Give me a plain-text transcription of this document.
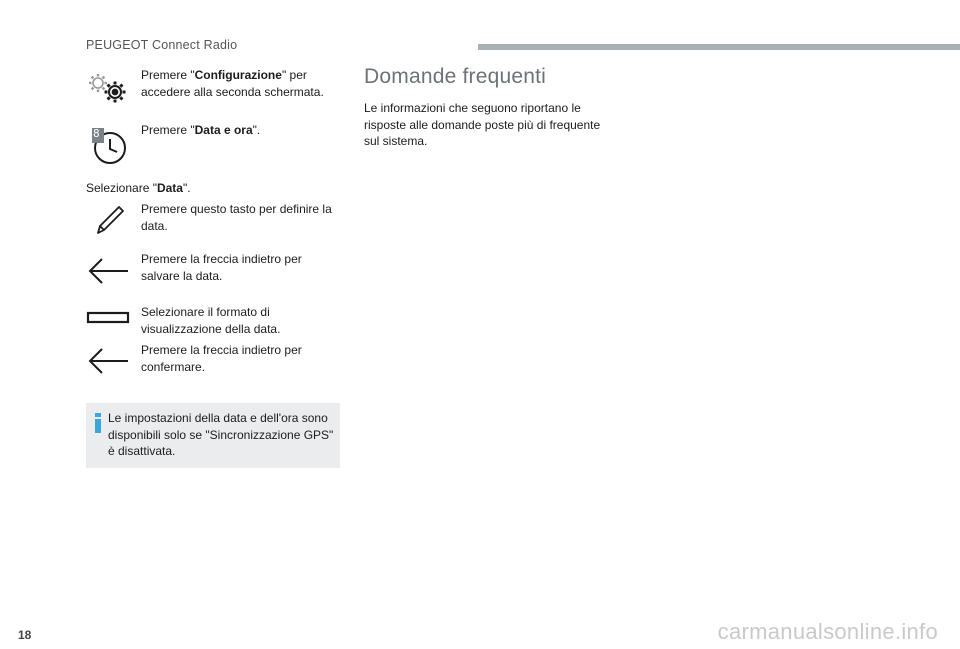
PEUGEOT Connect Radio
Premere "Configurazione" per accedere alla seconda schermata.
8	Premere "Data e ora".
Selezionare "Data".
Premere questo tasto per definire la data.
Premere la freccia indietro per salvare la data.
Selezionare il formato di visualizzazione della data.
Premere la freccia indietro per confermare.
Le impostazioni della data e dell'ora sono disponibili solo se "Sincronizzazione GPS" è disattivata.
Domande frequenti
Le informazioni che seguono riportano le risposte alle domande poste più di frequente sul sistema.
18	carmanualsonline.info
